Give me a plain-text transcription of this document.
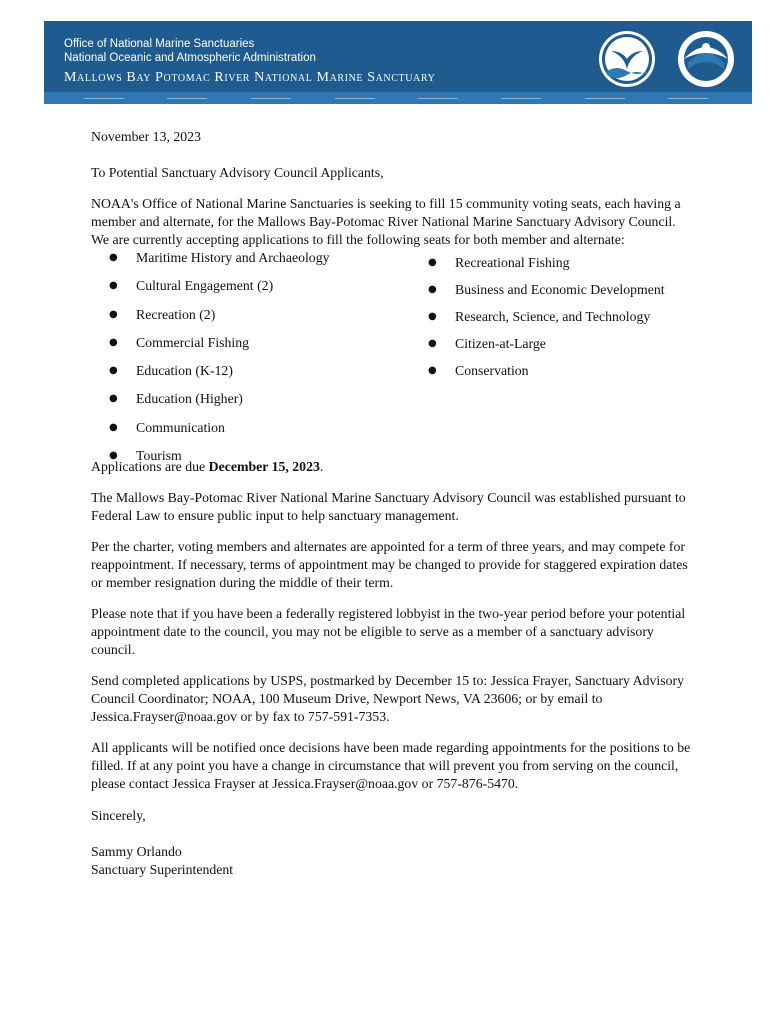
Office of National Marine Sanctuaries
National Oceanic and Atmospheric Administration
Mallows Bay Potomac River National Marine Sanctuary

November 13, 2023

To Potential Sanctuary Advisory Council Applicants,

NOAA's Office of National Marine Sanctuaries is seeking to fill 15 community voting seats, each having a member and alternate, for the Mallows Bay-Potomac River National Marine Sanctuary Advisory Council. We are currently accepting applications to fill the following seats for both member and alternate:

● Maritime History and Archaeology
● Cultural Engagement (2)
● Recreation (2)
● Commercial Fishing
● Education (K-12)
● Education (Higher)
● Communication
● Tourism
● Recreational Fishing
● Business and Economic Development
● Research, Science, and Technology
● Citizen-at-Large
● Conservation

Applications are due December 15, 2023.

The Mallows Bay-Potomac River National Marine Sanctuary Advisory Council was established pursuant to Federal Law to ensure public input to help sanctuary management.

Per the charter, voting members and alternates are appointed for a term of three years, and may compete for reappointment. If necessary, terms of appointment may be changed to provide for staggered expiration dates or member resignation during the middle of their term.

Please note that if you have been a federally registered lobbyist in the two-year period before your potential appointment date to the council, you may not be eligible to serve as a member of a sanctuary advisory council.

Send completed applications by USPS, postmarked by December 15 to: Jessica Frayer, Sanctuary Advisory Council Coordinator; NOAA, 100 Museum Drive, Newport News, VA 23606; or by email to Jessica.Frayser@noaa.gov or by fax to 757-591-7353.

All applicants will be notified once decisions have been made regarding appointments for the positions to be filled. If at any point you have a change in circumstance that will prevent you from serving on the council, please contact Jessica Frayser at Jessica.Frayser@noaa.gov or 757-876-5470.

Sincerely,

Sammy Orlando

Sanctuary Superintendent
